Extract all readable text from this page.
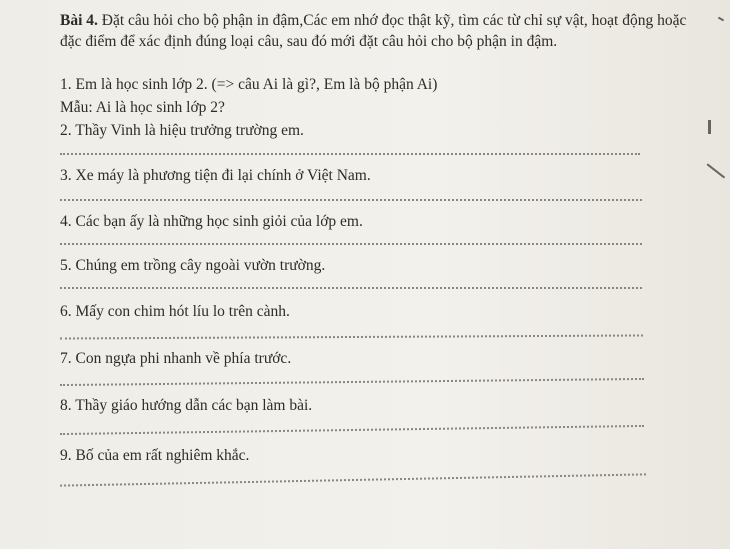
Bài 4. Đặt câu hỏi cho bộ phận in đậm,Các em nhớ đọc thật kỹ, tìm các từ chỉ sự vật, hoạt động hoặc đặc điểm để xác định đúng loại câu, sau đó mới đặt câu hỏi cho bộ phận in đậm.
1. Em là học sinh lớp 2. (=> câu Ai là gì?, Em là bộ phận Ai)
Mẫu: Ai là học sinh lớp 2?
2. Thầy Vinh là hiệu trưởng trường em.
3. Xe máy là phương tiện đi lại chính ở Việt Nam.
4. Các bạn ấy là những học sinh giỏi của lớp em.
5. Chúng em trồng cây ngoài vườn trường.
6. Mấy con chim hót líu lo trên cành.
7. Con ngựa phi nhanh về phía trước.
8. Thầy giáo hướng dẫn các bạn làm bài.
9. Bố của em rất nghiêm khắc.
